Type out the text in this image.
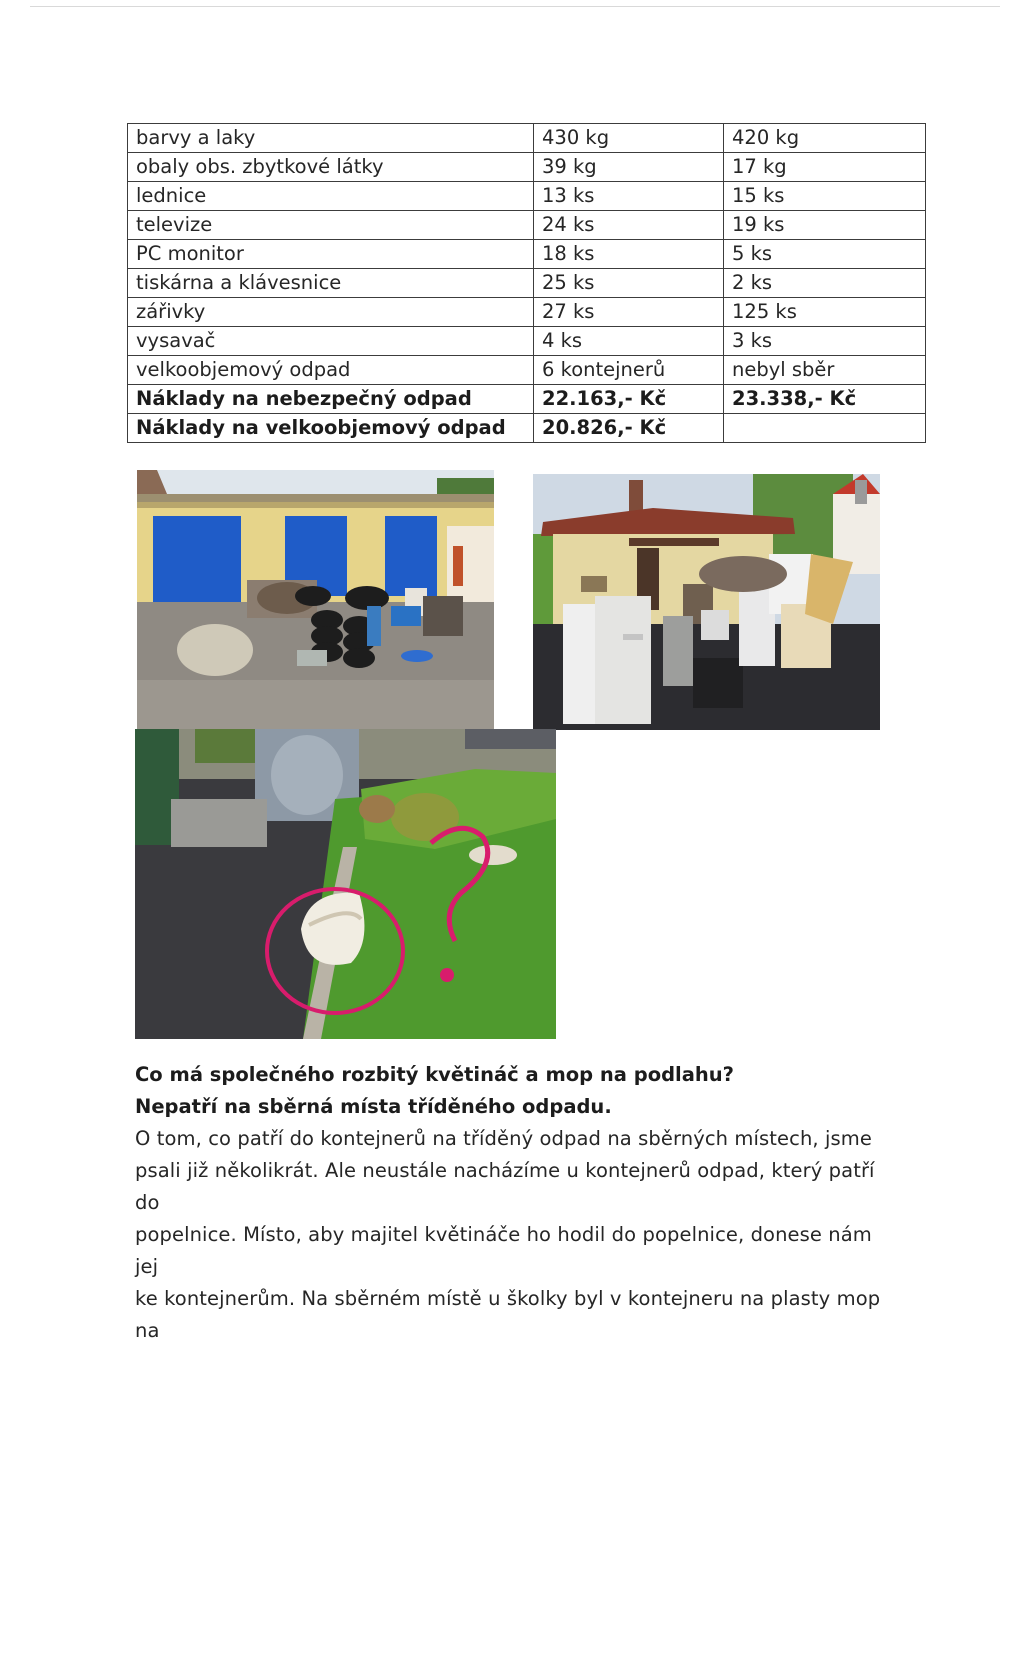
barvy a laky	430 kg	420 kg
obaly obs. zbytkové látky	39 kg	17 kg
lednice	13 ks	15 ks
televize	24 ks	19 ks
PC monitor	18 ks	5 ks
tiskárna a klávesnice	25 ks	2 ks
zářivky	27 ks	125 ks
vysavač	4 ks	3 ks
velkoobjemový odpad	6 kontejnerů	nebyl sběr
Náklady na nebezpečný odpad	22.163,- Kč	23.338,- Kč
Náklady na velkoobjemový odpad	20.826,- Kč	

Co má společného rozbitý květináč a mop na podlahu?

Nepatří na sběrná místa tříděného odpadu.

O tom, co patří do kontejnerů na tříděný odpad na sběrných místech, jsme

psali již několikrát. Ale neustále nacházíme u kontejnerů odpad, který patří do

popelnice. Místo, aby majitel květináče ho hodil do popelnice, donese nám jej

ke kontejnerům. Na sběrném místě u školky byl v kontejneru na plasty mop na
